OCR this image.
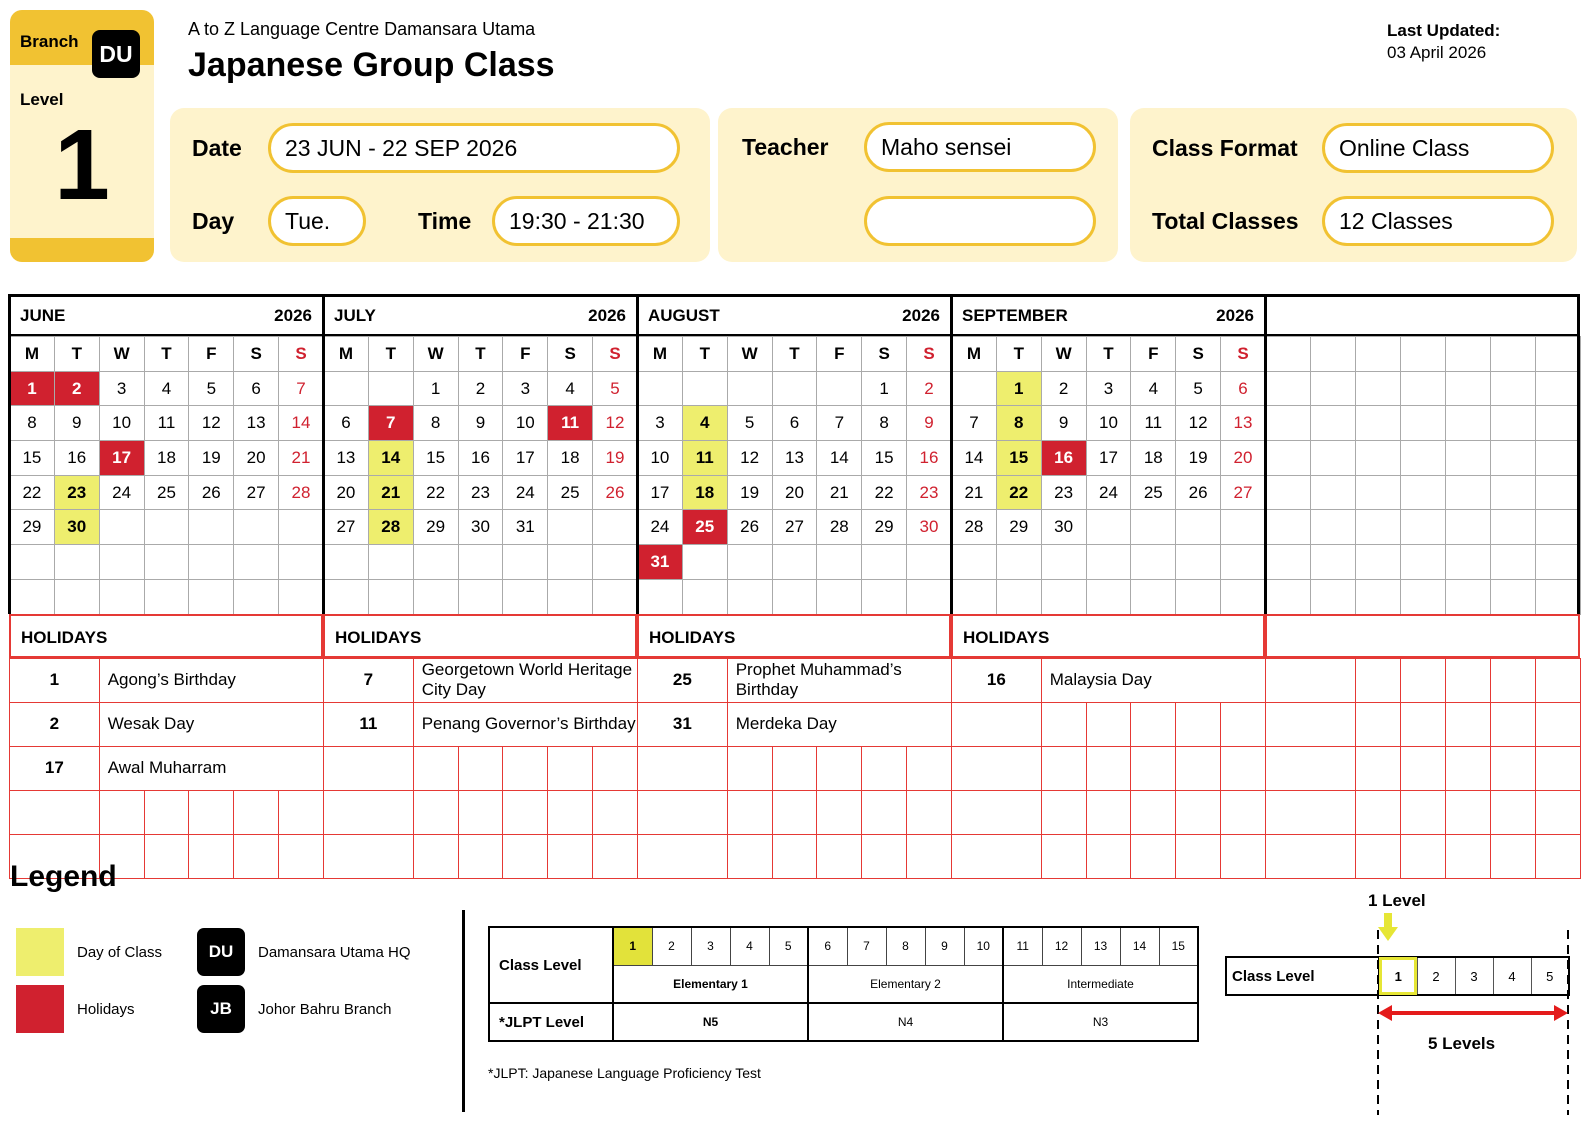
Branch DU
Level
1
A to Z Language Centre Damansara Utama
Japanese Group Class
Last Updated:
03 April 2026
Date	23 JUN - 22 SEP 2026
Day	Tue.	Time	19:30 - 21:30
Teacher	Maho sensei	Class Format	Online Class
Total Classes	12 Classes
JUNE	2026
M	T	W	T	F	S	S
1	2	3	4	5	6	7
8	9	10	11	12	13	14
15	16	17	18	19	20	21
22	23	24	25	26	27	28
29	30					

HOLIDAYS
1	Agong’s Birthday				
2	Wesak Day				
17	Awal Muharram				

JULY	2026
M	T	W	T	F	S	S
		1	2	3	4	5
6	7	8	9	10	11	12
13	14	15	16	17	18	19
20	21	22	23	24	25	26
27	28	29	30	31		

HOLIDAYS
7	Georgetown World Heritage City Day				
11	Penang Governor’s Birthday				

AUGUST	2026
M	T	W	T	F	S	S
					1	2
3	4	5	6	7	8	9
10	11	12	13	14	15	16
17	18	19	20	21	22	23
24	25	26	27	28	29	30
31						

HOLIDAYS
25	Prophet Muhammad’s Birthday				
31	Merdeka Day				

SEPTEMBER	2026
M	T	W	T	F	S	S
	1	2	3	4	5	6
7	8	9	10	11	12	13
14	15	16	17	18	19	20
21	22	23	24	25	26	27
28	29	30				

HOLIDAYS
16	Malaysia Day				

Legend
Day of Class
Holidays
DU	Damansara Utama HQ
JB	Johor Bahru Branch
Class Level	1	2	3	4	5	6	7	8	9	10	11	12	13	14	15
	Elementary 1					Elementary 2					Intermediate				
*JLPT Level	N5					N4					N3				
*JLPT: Japanese Language Proficiency Test
1 Level
Class Level	1	2	3	4	5
5 Levels
